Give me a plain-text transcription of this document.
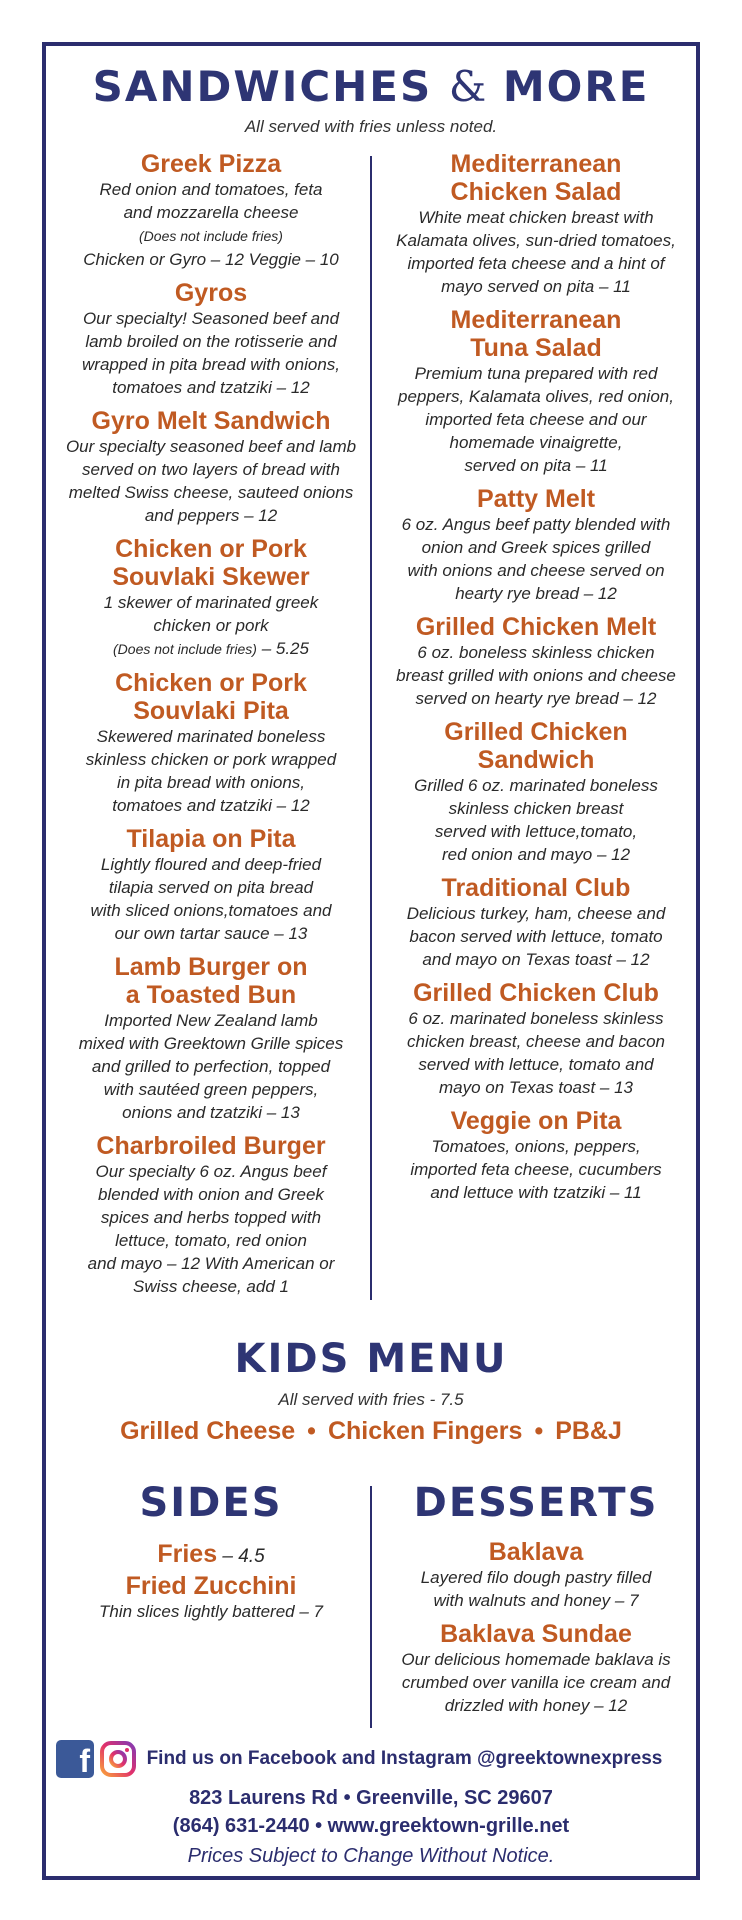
SANDWICHES & MORE
All served with fries unless noted.
Greek Pizza
Red onion and tomatoes, feta
and mozzarella cheese
(Does not include fries)
Chicken or Gyro – 12 Veggie – 10
Gyros
Our specialty! Seasoned beef and
lamb broiled on the rotisserie and
wrapped in pita bread with onions,
tomatoes and tzatziki – 12
Gyro Melt Sandwich
Our specialty seasoned beef and lamb
served on two layers of bread with
melted Swiss cheese, sauteed onions
and peppers – 12
Chicken or Pork
Souvlaki Skewer
1 skewer of marinated greek
chicken or pork
(Does not include fries) – 5.25
Chicken or Pork
Souvlaki Pita
Skewered marinated boneless
skinless chicken or pork wrapped
in pita bread with onions,
tomatoes and tzatziki – 12
Tilapia on Pita
Lightly floured and deep-fried
tilapia served on pita bread
with sliced onions,tomatoes and
our own tartar sauce – 13
Lamb Burger on
a Toasted Bun
Imported New Zealand lamb
mixed with Greektown Grille spices
and grilled to perfection, topped
with sautéed green peppers,
onions and tzatziki – 13
Charbroiled Burger
Our specialty 6 oz. Angus beef
blended with onion and Greek
spices and herbs topped with
lettuce, tomato, red onion
and mayo – 12 With American or
Swiss cheese, add 1
Mediterranean
Chicken Salad
White meat chicken breast with
Kalamata olives, sun-dried tomatoes,
imported feta cheese and a hint of
mayo served on pita – 11
Mediterranean
Tuna Salad
Premium tuna prepared with red
peppers, Kalamata olives, red onion,
imported feta cheese and our
homemade vinaigrette,
served on pita – 11
Patty Melt
6 oz. Angus beef patty blended with
onion and Greek spices grilled
with onions and cheese served on
hearty rye bread – 12
Grilled Chicken Melt
6 oz. boneless skinless chicken
breast grilled with onions and cheese
served on hearty rye bread – 12
Grilled Chicken
Sandwich
Grilled 6 oz. marinated boneless
skinless chicken breast
served with lettuce,tomato,
red onion and mayo – 12
Traditional Club
Delicious turkey, ham, cheese and
bacon served with lettuce, tomato
and mayo on Texas toast – 12
Grilled Chicken Club
6 oz. marinated boneless skinless
chicken breast, cheese and bacon
served with lettuce, tomato and
mayo on Texas toast – 13
Veggie on Pita
Tomatoes, onions, peppers,
imported feta cheese, cucumbers
and lettuce with tzatziki – 11
KIDS MENU
All served with fries - 7.5
Grilled Cheese • Chicken Fingers • PB&J
SIDES
Fries – 4.5
Fried Zucchini
Thin slices lightly battered – 7
DESSERTS
Baklava
Layered filo dough pastry filled
with walnuts and honey – 7
Baklava Sundae
Our delicious homemade baklava is
crumbed over vanilla ice cream and
drizzled with honey – 12
f	Find us on Facebook and Instagram @greektownexpress
823 Laurens Rd • Greenville, SC 29607
(864) 631-2440 • www.greektown-grille.net
Prices Subject to Change Without Notice.
